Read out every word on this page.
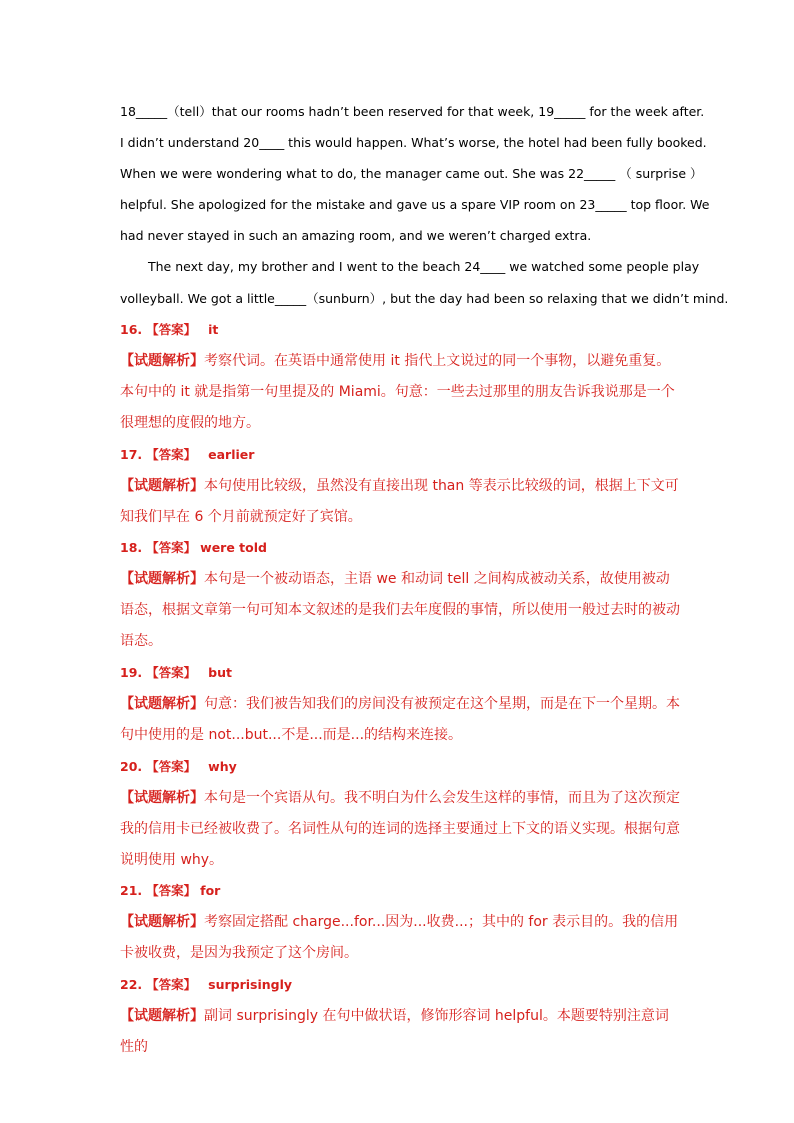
18_____（tell）that our rooms hadn’t been reserved for that week, 19_____ for the week after.
I didn’t understand 20____ this would happen. What’s worse, the hotel had been fully booked.
When we were wondering what to do, the manager came out. She was 22_____ （ surprise ）
helpful. She apologized for the mistake and gave us a spare VIP room on 23_____ top floor. We
had never stayed in such an amazing room, and we weren’t charged extra.
The next day, my brother and I went to the beach 24____ we watched some people play
volleyball. We got a little_____（sunburn）, but the day had been so relaxing that we didn’t mind.
16. 【答案】 it
【试题解析】考察代词。在英语中通常使用 it 指代上文说过的同一个事物，以避免重复。本句中的 it 就是指第一句里提及的 Miami。句意：一些去过那里的朋友告诉我说那是一个很理想的度假的地方。
17. 【答案】 earlier
【试题解析】本句使用比较级，虽然没有直接出现 than 等表示比较级的词，根据上下文可知我们早在 6 个月前就预定好了宾馆。
18. 【答案】 were told
【试题解析】本句是一个被动语态，主语 we 和动词 tell 之间构成被动关系，故使用被动语态，根据文章第一句可知本文叙述的是我们去年度假的事情，所以使用一般过去时的被动语态。
19. 【答案】 but
【试题解析】句意：我们被告知我们的房间没有被预定在这个星期，而是在下一个星期。本句中使用的是 not...but...不是...而是...的结构来连接。
20. 【答案】 why
【试题解析】本句是一个宾语从句。我不明白为什么会发生这样的事情，而且为了这次预定我的信用卡已经被收费了。名词性从句的连词的选择主要通过上下文的语义实现。根据句意说明使用 why。
21. 【答案】 for
【试题解析】考察固定搭配 charge...for...因为...收费...；其中的 for 表示目的。我的信用卡被收费，是因为我预定了这个房间。
22. 【答案】 surprisingly
【试题解析】副词 surprisingly 在句中做状语，修饰形容词 helpful。本题要特别注意词性的
